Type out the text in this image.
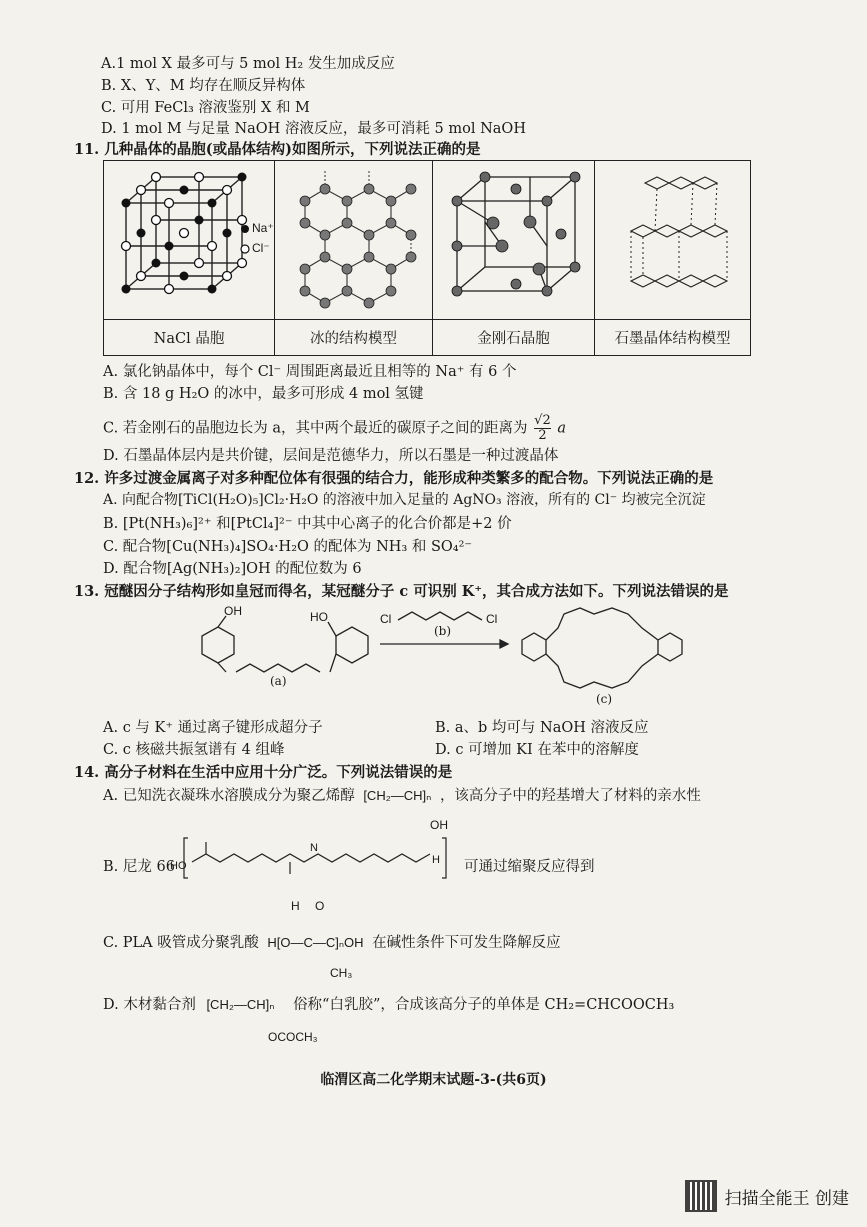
A.1 mol X 最多可与 5 mol H₂ 发生加成反应
B. X、Y、M 均存在顺反异构体
C. 可用 FeCl₃ 溶液鉴别 X 和 M
D. 1 mol M 与足量 NaOH 溶液反应，最多可消耗 5 mol NaOH
11. 几种晶体的晶胞(或晶体结构)如图所示，下列说法正确的是
Na⁺
Cl⁻
NaCl 晶胞	冰的结构模型	金刚石晶胞	石墨晶体结构模型
A. 氯化钠晶体中，每个 Cl⁻ 周围距离最近且相等的 Na⁺ 有 6 个
B. 含 18 g H₂O 的冰中，最多可形成 4 mol 氢键
C. 若金刚石的晶胞边长为 a，其中两个最近的碳原子之间的距离为 $\frac{√2}{2}$ a
D. 石墨晶体层内是共价键，层间是范德华力，所以石墨是一种过渡晶体
12. 许多过渡金属离子对多种配位体有很强的结合力，能形成种类繁多的配合物。下列说法正确的是
A. 向配合物[TiCl(H₂O)₅]Cl₂·H₂O 的溶液中加入足量的 AgNO₃ 溶液，所有的 Cl⁻ 均被完全沉淀
B. [Pt(NH₃)₆]²⁺ 和[PtCl₄]²⁻ 中其中心离子的化合价都是+2 价
C. 配合物[Cu(NH₃)₄]SO₄·H₂O 的配体为 NH₃ 和 SO₄²⁻
D. 配合物[Ag(NH₃)₂]OH 的配位数为 6
13. 冠醚因分子结构形如皇冠而得名，某冠醚分子 c 可识别 K⁺，其合成方法如下。下列说法错误的是
OH	HO
(a)
Cl	Cl
(b)
(c)
A. c 与 K⁺ 通过离子键形成超分子	B. a、b 均可与 NaOH 溶液反应
C. c 核磁共振氢谱有 4 组峰	D. c 可增加 KI 在苯中的溶解度
14. 高分子材料在生活中应用十分广泛。下列说法错误的是
A. 已知洗衣凝珠水溶膜成分为聚乙烯醇 [CH₂—CH]ₙ ，该高分子中的羟基增大了材料的亲水性
OH
B. 尼龙 66
HO
N
H 可通过缩聚反应得到
H O
C. PLA 吸管成分聚乳酸 H[O—C—C]ₙOH 在碱性条件下可发生降解反应
CH₃
D. 木材黏合剂 [CH₂—CH]ₙ 俗称“白乳胶”，合成该高分子的单体是 CH₂=CHCOOCH₃
OCOCH₃
临渭区高二化学期末试题-3-(共6页)
扫描全能王 创建
